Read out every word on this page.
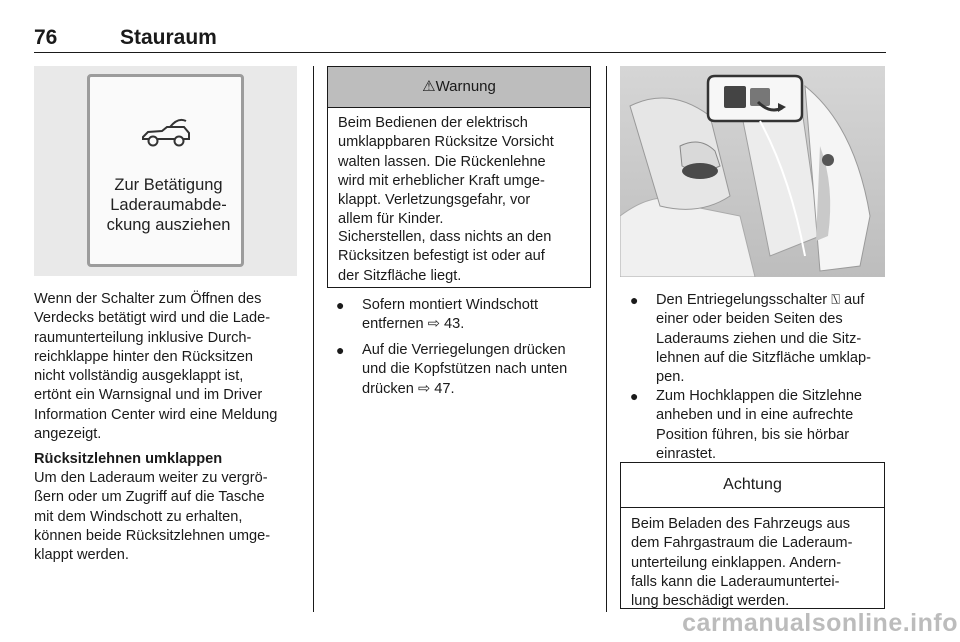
76	Stauraum
Zur Betätigung
Laderaumabde-
ckung ausziehen
Wenn der Schalter zum Öffnen des
Verdecks betätigt wird und die Lade-
raumunterteilung inklusive Durch-
reichklappe hinter den Rücksitzen
nicht vollständig ausgeklappt ist,
ertönt ein Warnsignal und im Driver
Information Center wird eine Meldung
angezeigt.
Rücksitzlehnen umklappen
Um den Laderaum weiter zu vergrö-
ßern oder um Zugriff auf die Tasche
mit dem Windschott zu erhalten,
können beide Rücksitzlehnen umge-
klappt werden.
⚠Warnung
Beim Bedienen der elektrisch
umklappbaren Rücksitze Vorsicht
walten lassen. Die Rückenlehne
wird mit erheblicher Kraft umge-
klappt. Verletzungsgefahr, vor
allem für Kinder.
Sicherstellen, dass nichts an den
Rücksitzen befestigt ist oder auf
der Sitzfläche liegt.
● Sofern montiert Windschott
entfernen ⇨ 43.
● Auf die Verriegelungen drücken
und die Kopfstützen nach unten
drücken ⇨ 47.
● Den Entriegelungsschalter ⍂ auf
einer oder beiden Seiten des
Laderaums ziehen und die Sitz-
lehnen auf die Sitzfläche umklap-
pen.
● Zum Hochklappen die Sitzlehne
anheben und in eine aufrechte
Position führen, bis sie hörbar
einrastet.
Achtung
Beim Beladen des Fahrzeugs aus
dem Fahrgastraum die Laderaum-
unterteilung einklappen. Andern-
falls kann die Laderaumuntertei-
lung beschädigt werden.
carmanualsonline.info
